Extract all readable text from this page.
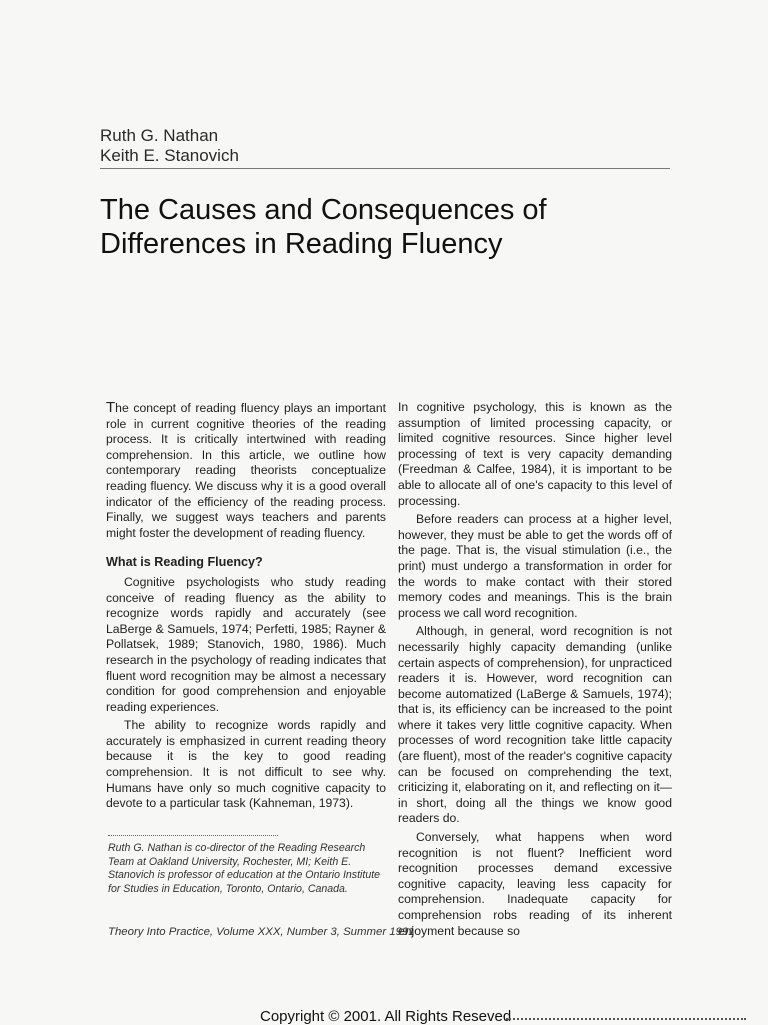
Ruth G. Nathan
Keith E. Stanovich
The Causes and Consequences of
Differences in Reading Fluency

The concept of reading fluency plays an important role in current cognitive theories of the reading process. It is critically intertwined with reading comprehension. In this article, we outline how contemporary reading theorists conceptualize reading fluency. We discuss why it is a good overall indicator of the efficiency of the reading process. Finally, we suggest ways teachers and parents might foster the development of reading fluency.

What is Reading Fluency?

Cognitive psychologists who study reading conceive of reading fluency as the ability to recognize words rapidly and accurately (see LaBerge & Samuels, 1974; Perfetti, 1985; Rayner & Pollatsek, 1989; Stanovich, 1980, 1986). Much research in the psychology of reading indicates that fluent word recognition may be almost a necessary condition for good comprehension and enjoyable reading experiences.

The ability to recognize words rapidly and accurately is emphasized in current reading theory because it is the key to good reading comprehension. It is not difficult to see why. Humans have only so much cognitive capacity to devote to a particular task (Kahneman, 1973).

Ruth G. Nathan is co-director of the Reading Research Team at Oakland University, Rochester, MI; Keith E. Stanovich is professor of education at the Ontario Institute for Studies in Education, Toronto, Ontario, Canada.
Theory Into Practice, Volume XXX, Number 3, Summer 1991

In cognitive psychology, this is known as the assumption of limited processing capacity, or limited cognitive resources. Since higher level processing of text is very capacity demanding (Freedman & Calfee, 1984), it is important to be able to allocate all of one's capacity to this level of processing.

Before readers can process at a higher level, however, they must be able to get the words off of the page. That is, the visual stimulation (i.e., the print) must undergo a transformation in order for the words to make contact with their stored memory codes and meanings. This is the brain process we call word recognition.

Although, in general, word recognition is not necessarily highly capacity demanding (unlike certain aspects of comprehension), for unpracticed readers it is. However, word recognition can become automatized (LaBerge & Samuels, 1974); that is, its efficiency can be increased to the point where it takes very little cognitive capacity. When processes of word recognition take little capacity (are fluent), most of the reader's cognitive capacity can be focused on comprehending the text, criticizing it, elaborating on it, and reflecting on it—in short, doing all the things we know good readers do.

Conversely, what happens when word recognition is not fluent? Inefficient word recognition processes demand excessive cognitive capacity, leaving less capacity for comprehension. Inadequate capacity for comprehension robs reading of its inherent enjoyment because so

Copyright © 2001. All Rights Reseved
